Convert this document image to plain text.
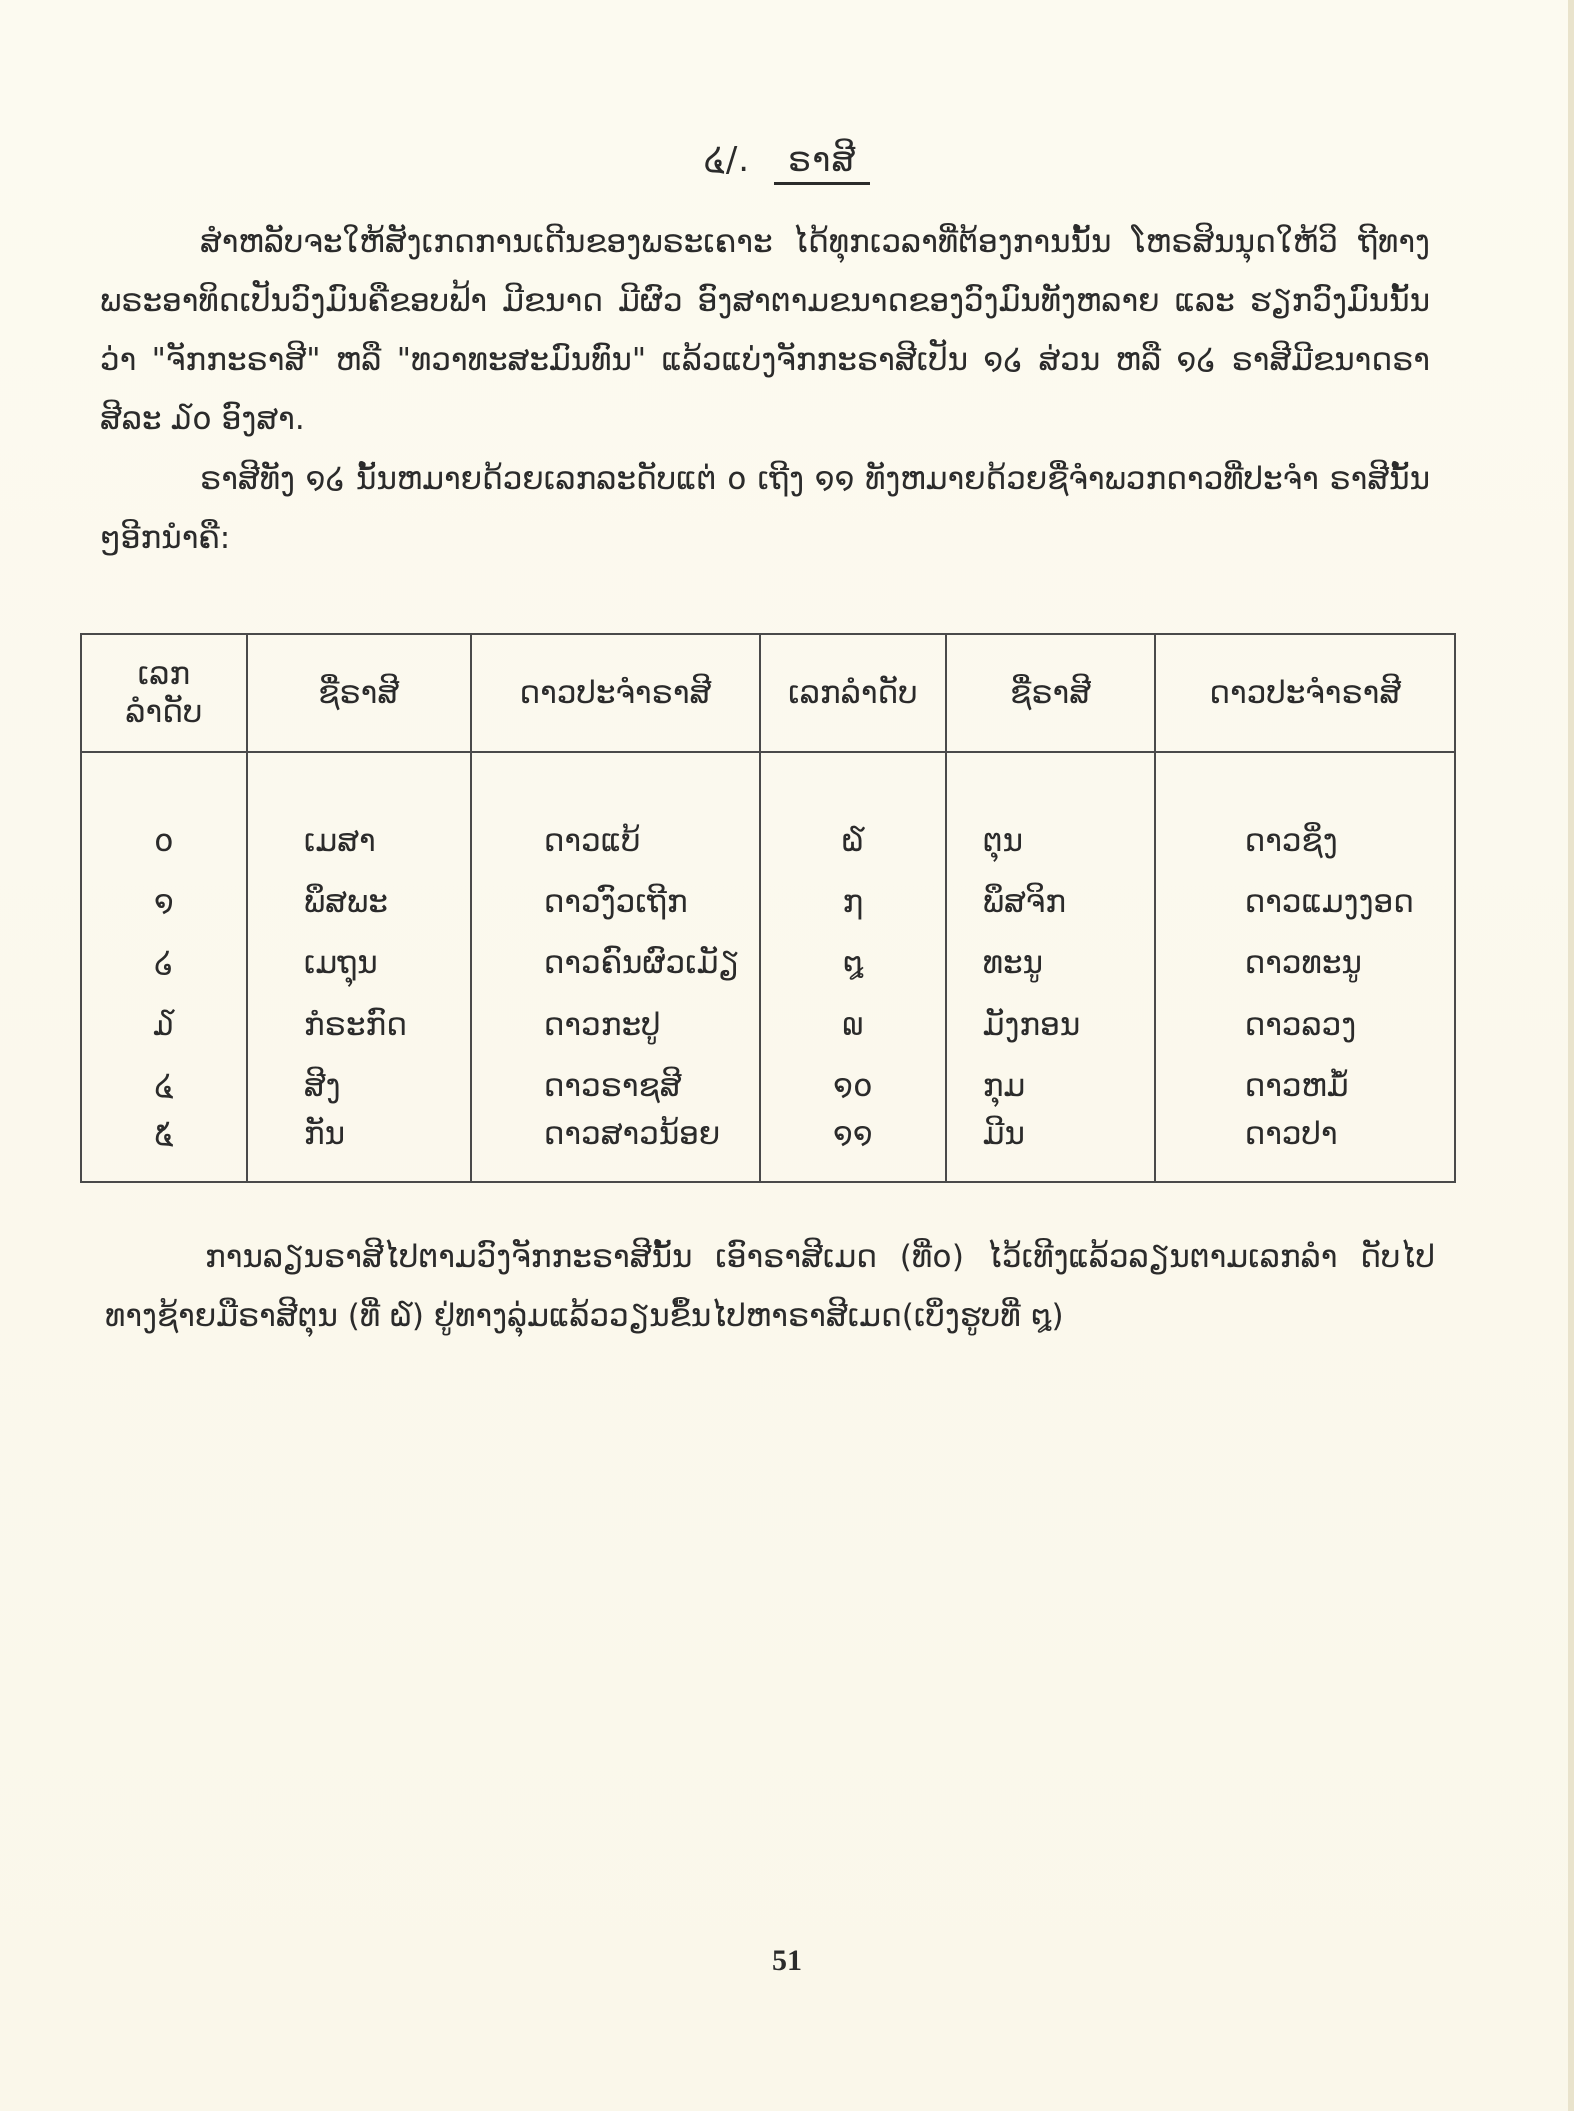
໔/. ຣາສີ
ສຳຫລັບຈະໃຫ້ສັງເກດການເດີນຂອງພຣະເຄາະ ໄດ້ທຸກເວລາທີ່ຕ້ອງການນັ້ນ ໂຫຣສິນນຸດໃຫ້ວິ ຖີທາງພຣະອາທິດເປັນວົງມົນຄືຂອບຟ້າ ມີຂນາດ ມີຜົວ ອົງສາຕາມຂນາດຂອງວົງມົນທັງຫລາຍ ແລະ ຮຽກວົງມົນນັ້ນວ່າ "ຈັກກະຣາສີ" ຫລື "ທວາທະສະມົນທົນ" ແລ້ວແບ່ງຈັກກະຣາສີເປັນ ໑໒ ສ່ວນ ຫລື ໑໒ ຣາສີມີຂນາດຣາສີລະ ໓໐ ອົງສາ.
ຣາສີທັງ ໑໒ ນັ້ນຫມາຍດ້ວຍເລກລະດັບແຕ່ ໐ ເຖີງ ໑໑ ທັງຫມາຍດ້ວຍຊື່ຈຳພວກດາວທີ່ປະຈຳ ຣາສີນັ້ນໆອີກນຳຄື:
ເລກ ລຳດັບ	ຊື່ຣາສີ	ດາວປະຈຳຣາສີ	ເລກລຳດັບ	ຊື່ຣາສີ	ດາວປະຈຳຣາສີ

໐	ເມສາ	ດາວແບ້	໖	ຕຸນ	ດາວຊິ່ງ
໑	ພຶສພະ	ດາວງົວເຖີກ	໗	ພຶສຈິກ	ດາວແມງງອດ
໒	ເມຖຸນ	ດາວຄົນຜົວເມັຽ	໘	ທະນູ	ດາວທະນູ
໓	ກໍຣະກົດ	ດາວກະປູ	໙	ມັງກອນ	ດາວລວງ
໔	ສີງ	ດາວຣາຊສີ	໑໐	ກຸມ	ດາວຫມໍ້
໕	ກັນ	ດາວສາວນ້ອຍ	໑໑	ມີນ	ດາວປາ
ການລຽນຣາສີໄປຕາມວົງຈັກກະຣາສີນັ້ນ ເອົາຣາສີເມດ (ທີ່໐) ໄວ້ເທີງແລ້ວລຽນຕາມເລກລຳ ດັບໄປທາງຊ້າຍມືຣາສີຕຸນ (ທີ່ ໖) ຢູ່ທາງລຸ່ມແລ້ວວຽນຂຶ້ນໄປຫາຣາສີເມດ(ເບິ່ງຮູບທີ່ ໘)
51
